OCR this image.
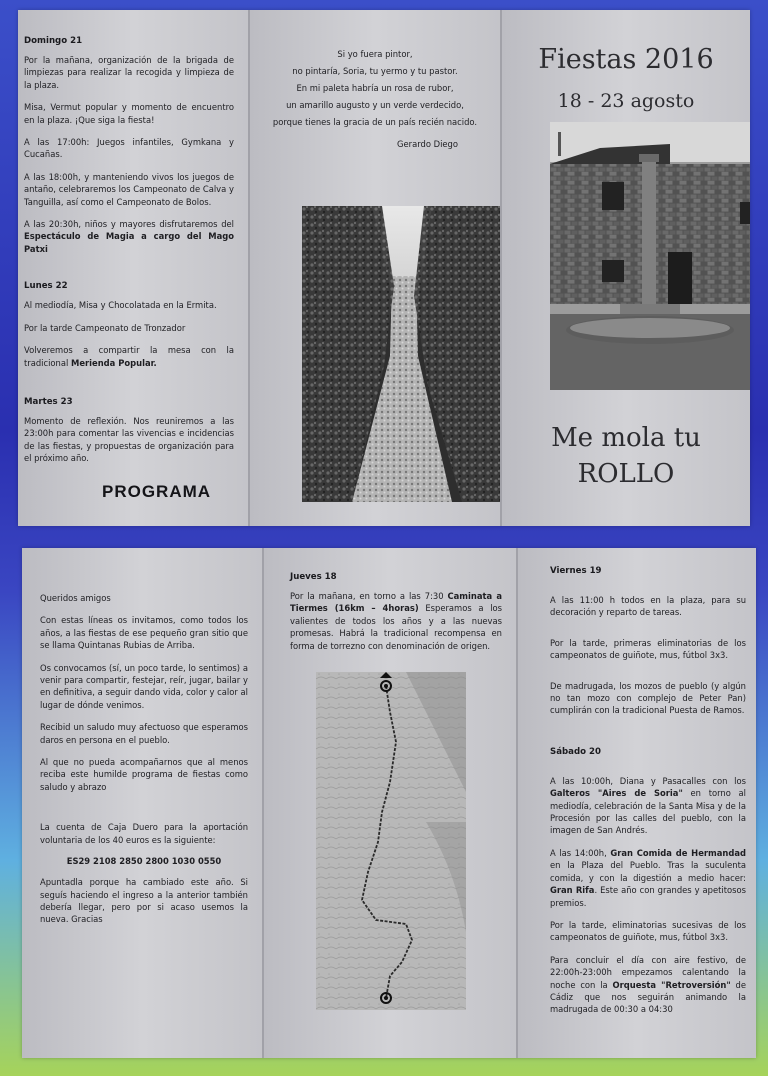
Domingo 21

Por la mañana, organización de la brigada de limpiezas para realizar la recogida y limpieza de la plaza.

Misa, Vermut popular y momento de encuentro en la plaza. ¡Que siga la fiesta!

A las 17:00h: Juegos infantiles, Gymkana y Cucañas.

A las 18:00h, y manteniendo vivos los juegos de antaño, celebraremos los Campeonato de Calva y Tanguilla, así como el Campeonato de Bolos.

A las 20:30h, niños y mayores disfrutaremos del Espectáculo de Magia a cargo del Mago Patxi

Lunes 22

Al mediodía, Misa y Chocolatada en la Ermita.

Por la tarde Campeonato de Tronzador

Volveremos a compartir la mesa con la tradicional Merienda Popular.

Martes 23

Momento de reflexión. Nos reuniremos a las 23:00h para comentar las vivencias e incidencias de las fiestas, y propuestas de organización para el próximo año.

PROGRAMA

Si yo fuera pintor,

no pintaría, Soria, tu yermo y tu pastor.

En mi paleta habría un rosa de rubor,

un amarillo augusto y un verde verdecido,

porque tienes la gracia de un país recién nacido.

Gerardo Diego

Fiestas 2016
18 - 23 agosto
Me mola tu
ROLLO

Queridos amigos

Con estas líneas os invitamos, como todos los años, a las fiestas de ese pequeño gran sitio que se llama Quintanas Rubias de Arriba.

Os convocamos (sí, un poco tarde, lo sentimos) a venir para compartir, festejar, reír, jugar, bailar y en definitiva, a seguir dando vida, color y calor al lugar de dónde venimos.

Recibid un saludo muy afectuoso que esperamos daros en persona en el pueblo.

Al que no pueda acompañarnos que al menos reciba este humilde programa de fiestas como saludo y abrazo

La cuenta de Caja Duero para la aportación voluntaria de los 40 euros es la siguiente:

ES29 2108 2850 2800 1030 0550

Apuntadla porque ha cambiado este año. Si seguís haciendo el ingreso a la anterior también debería llegar, pero por si acaso usemos la nueva. Gracias

Jueves 18

Por la mañana, en torno a las 7:30 Caminata a Tiermes (16km – 4horas) Esperamos a los valientes de todos los años y a las nuevas promesas. Habrá la tradicional recompensa en forma de torrezno con denominación de origen.

Viernes 19

A las 11:00 h todos en la plaza, para su decoración y reparto de tareas.

Por la tarde, primeras eliminatorias de los campeonatos de guiñote, mus, fútbol 3x3.

De madrugada, los mozos de pueblo (y algún no tan mozo con complejo de Peter Pan) cumplirán con la tradicional Puesta de Ramos.

Sábado 20

A las 10:00h, Diana y Pasacalles con los Galteros "Aires de Soria" en torno al mediodía, celebración de la Santa Misa y de la Procesión por las calles del pueblo, con la imagen de San Andrés.

A las 14:00h, Gran Comida de Hermandad en la Plaza del Pueblo. Tras la suculenta comida, y con la digestión a medio hacer: Gran Rifa. Este año con grandes y apetitosos premios.

Por la tarde, eliminatorias sucesivas de los campeonatos de guiñote, mus, fútbol 3x3.

Para concluir el día con aire festivo, de 22:00h-23:00h empezamos calentando la noche con la Orquesta "Retroversión" de Cádiz que nos seguirán animando la madrugada de 00:30 a 04:30
